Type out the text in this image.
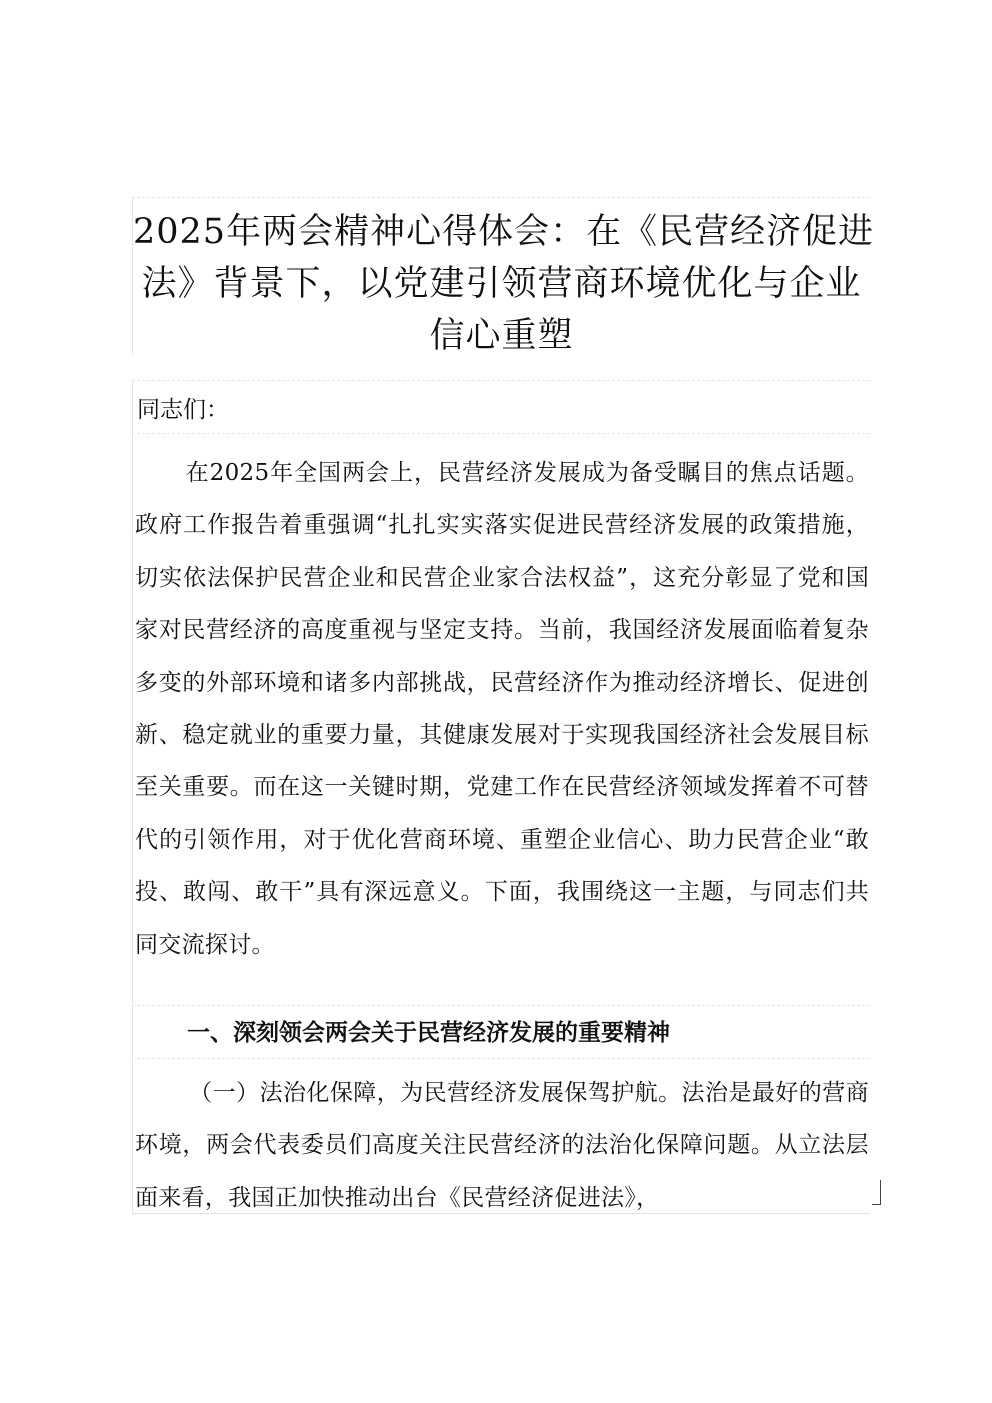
2025年两会精神心得体会：在《民营经济促进
法》背景下，以党建引领营商环境优化与企业
信心重塑
同志们：
在2025年全国两会上，民营经济发展成为备受瞩目的焦点话题。政府工作报告着重强调“扎扎实实落实促进民营经济发展的政策措施，切实依法保护民营企业和民营企业家合法权益”，这充分彰显了党和国家对民营经济的高度重视与坚定支持。当前，我国经济发展面临着复杂多变的外部环境和诸多内部挑战，民营经济作为推动经济增长、促进创新、稳定就业的重要力量，其健康发展对于实现我国经济社会发展目标至关重要。而在这一关键时期，党建工作在民营经济领域发挥着不可替代的引领作用，对于优化营商环境、重塑企业信心、助力民营企业“敢投、敢闯、敢干”具有深远意义。下面，我围绕这一主题，与同志们共同交流探讨。
一、深刻领会两会关于民营经济发展的重要精神
（一）法治化保障，为民营经济发展保驾护航。法治是最好的营商环境，两会代表委员们高度关注民营经济的法治化保障问题。从立法层面来看，我国正加快推动出台《民营经济促进法》，
